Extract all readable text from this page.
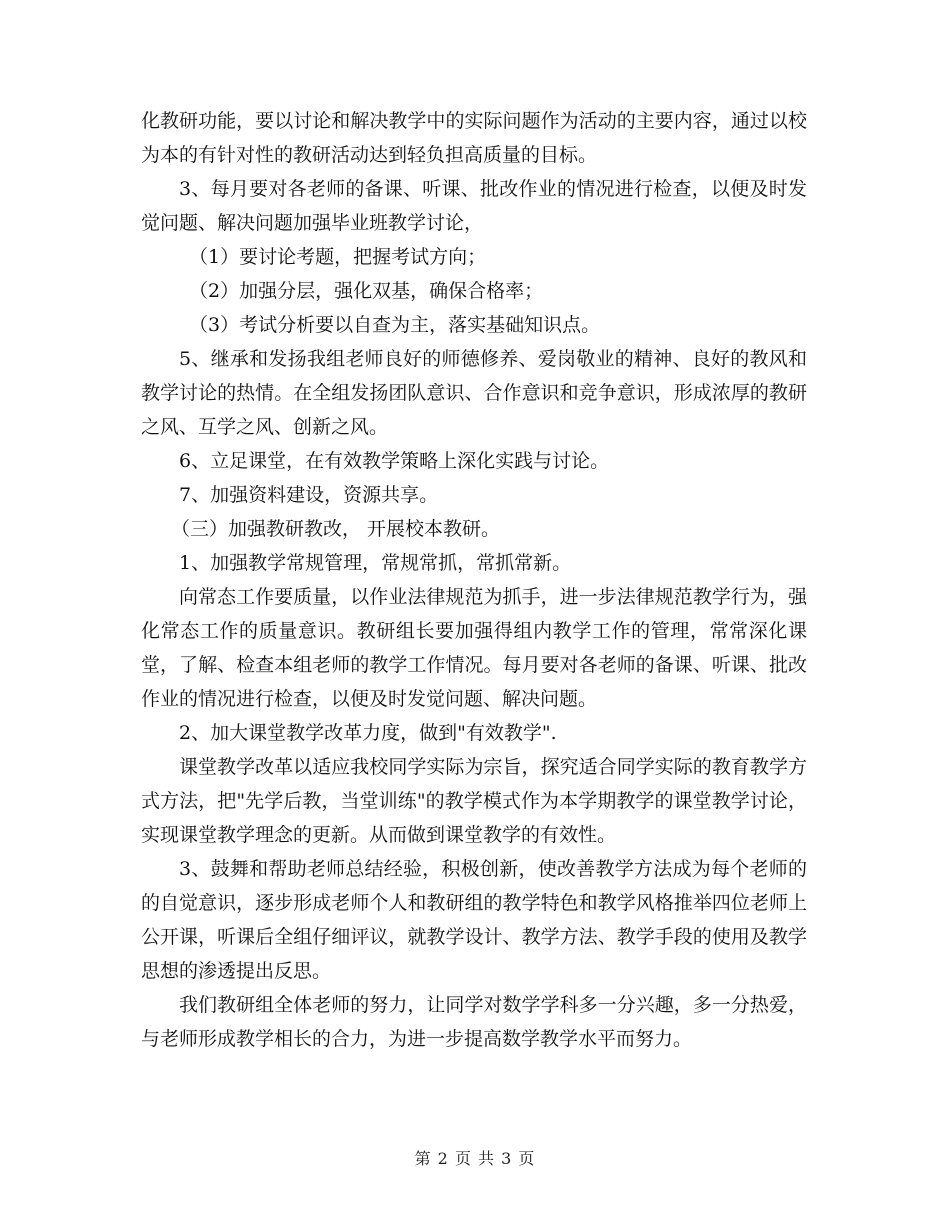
化教研功能，要以讨论和解决教学中的实际问题作为活动的主要内容，通过以校为本的有针对性的教研活动达到轻负担高质量的目标。

3、每月要对各老师的备课、听课、批改作业的情况进行检查，以便及时发觉问题、解决问题加强毕业班教学讨论，

（1）要讨论考题，把握考试方向；

（2）加强分层，强化双基，确保合格率；

（3）考试分析要以自查为主，落实基础知识点。

5、继承和发扬我组老师良好的师德修养、爱岗敬业的精神、良好的教风和教学讨论的热情。在全组发扬团队意识、合作意识和竞争意识，形成浓厚的教研之风、互学之风、创新之风。

6、立足课堂，在有效教学策略上深化实践与讨论。

7、加强资料建设，资源共享。

（三）加强教研教改， 开展校本教研。

1、加强教学常规管理，常规常抓，常抓常新。

向常态工作要质量，以作业法律规范为抓手，进一步法律规范教学行为，强化常态工作的质量意识。教研组长要加强得组内教学工作的管理，常常深化课堂，了解、检查本组老师的教学工作情况。每月要对各老师的备课、听课、批改作业的情况进行检查，以便及时发觉问题、解决问题。

2、加大课堂教学改革力度，做到"有效教学".

课堂教学改革以适应我校同学实际为宗旨，探究适合同学实际的教育教学方式方法，把"先学后教，当堂训练"的教学模式作为本学期教学的课堂教学讨论，实现课堂教学理念的更新。从而做到课堂教学的有效性。

3、鼓舞和帮助老师总结经验，积极创新，使改善教学方法成为每个老师的的自觉意识，逐步形成老师个人和教研组的教学特色和教学风格推举四位老师上公开课，听课后全组仔细评议，就教学设计、教学方法、教学手段的使用及教学思想的渗透提出反思。

我们教研组全体老师的努力，让同学对数学学科多一分兴趣，多一分热爱，与老师形成教学相长的合力，为进一步提高数学教学水平而努力。

第 2 页 共 3 页
